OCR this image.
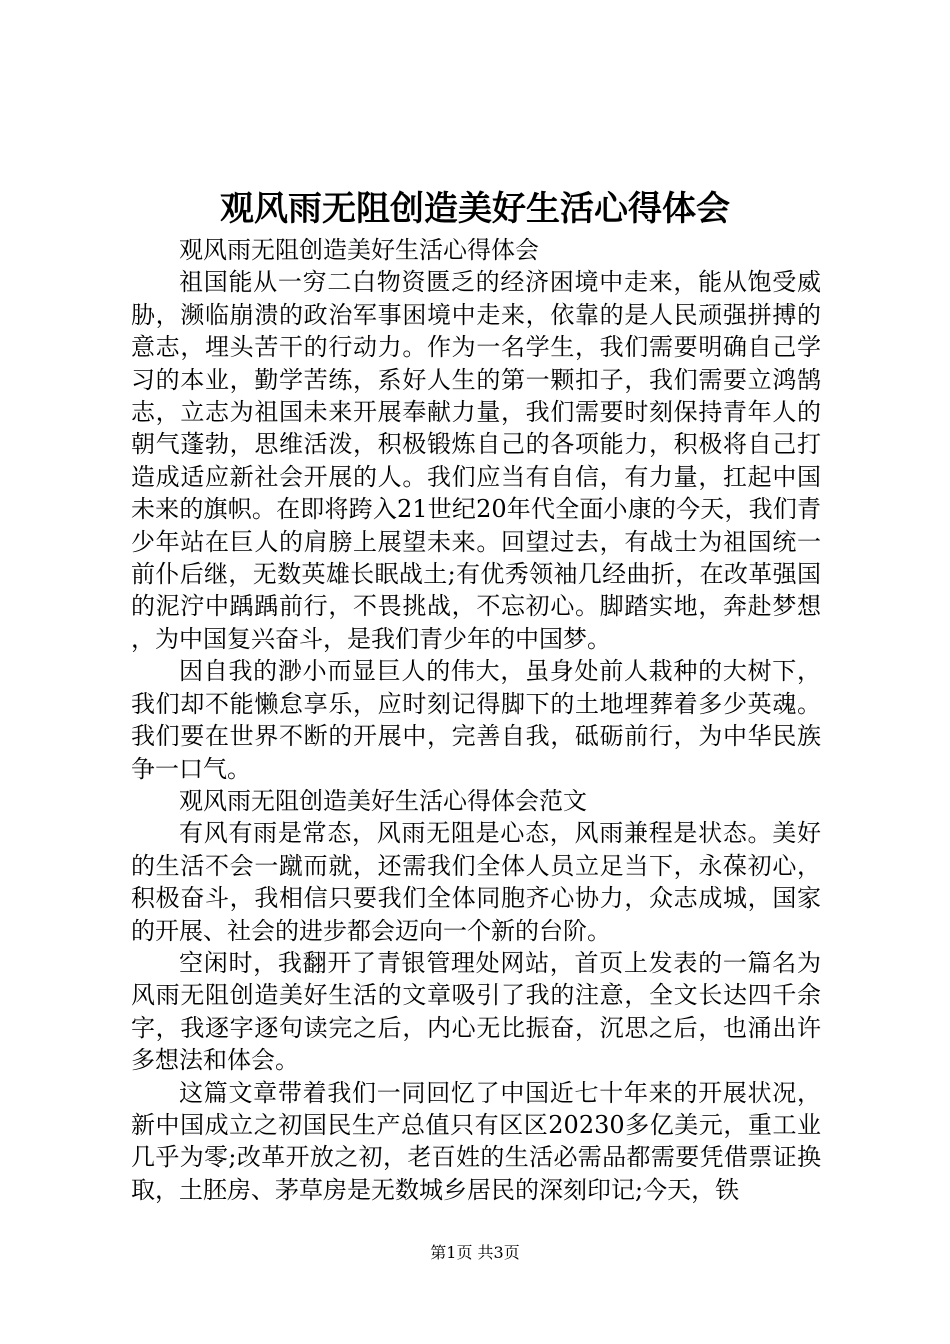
观风雨无阻创造美好生活心得体会

观风雨无阻创造美好生活心得体会

祖国能从一穷二白物资匮乏的经济困境中走来，能从饱受威胁，濒临崩溃的政治军事困境中走来，依靠的是人民顽强拼搏的意志，埋头苦干的行动力。作为一名学生，我们需要明确自己学习的本业，勤学苦练，系好人生的第一颗扣子，我们需要立鸿鹄志，立志为祖国未来开展奉献力量，我们需要时刻保持青年人的朝气蓬勃，思维活泼，积极锻炼自己的各项能力，积极将自己打造成适应新社会开展的人。我们应当有自信，有力量，扛起中国未来的旗帜。在即将跨入21世纪20年代全面小康的今天，我们青少年站在巨人的肩膀上展望未来。回望过去，有战士为祖国统一前仆后继，无数英雄长眠战土;有优秀领袖几经曲折，在改革强国的泥泞中踽踽前行，不畏挑战，不忘初心。脚踏实地，奔赴梦想，为中国复兴奋斗，是我们青少年的中国梦。

因自我的渺小而显巨人的伟大，虽身处前人栽种的大树下，我们却不能懒怠享乐，应时刻记得脚下的土地埋葬着多少英魂。我们要在世界不断的开展中，完善自我，砥砺前行，为中华民族争一口气。

观风雨无阻创造美好生活心得体会范文

有风有雨是常态，风雨无阻是心态，风雨兼程是状态。美好的生活不会一蹴而就，还需我们全体人员立足当下，永葆初心，积极奋斗，我相信只要我们全体同胞齐心协力，众志成城，国家的开展、社会的进步都会迈向一个新的台阶。

空闲时，我翻开了青银管理处网站，首页上发表的一篇名为风雨无阻创造美好生活的文章吸引了我的注意，全文长达四千余字，我逐字逐句读完之后，内心无比振奋，沉思之后，也涌出许多想法和体会。

这篇文章带着我们一同回忆了中国近七十年来的开展状况，新中国成立之初国民生产总值只有区区20230多亿美元，重工业几乎为零;改革开放之初，老百姓的生活必需品都需要凭借票证换取，土胚房、茅草房是无数城乡居民的深刻印记;今天，铁

第1页 共3页
